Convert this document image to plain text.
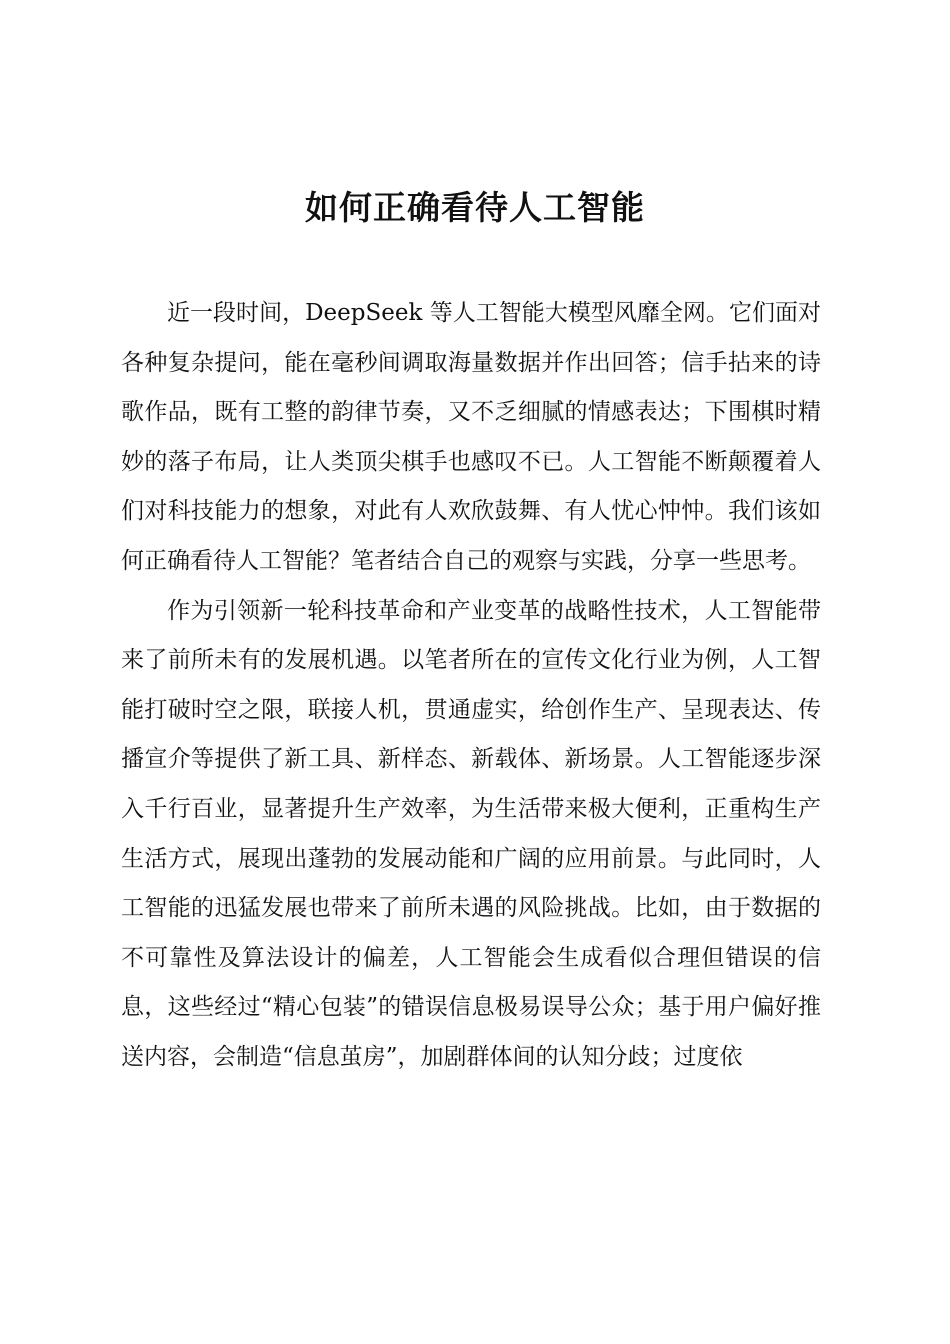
如何正确看待人工智能

近一段时间，DeepSeek 等人工智能大模型风靡全网。它们面对各种复杂提问，能在毫秒间调取海量数据并作出回答；信手拈来的诗歌作品，既有工整的韵律节奏，又不乏细腻的情感表达；下围棋时精妙的落子布局，让人类顶尖棋手也感叹不已。人工智能不断颠覆着人们对科技能力的想象，对此有人欢欣鼓舞、有人忧心忡忡。我们该如何正确看待人工智能？笔者结合自己的观察与实践，分享一些思考。

作为引领新一轮科技革命和产业变革的战略性技术，人工智能带来了前所未有的发展机遇。以笔者所在的宣传文化行业为例，人工智能打破时空之限，联接人机，贯通虚实，给创作生产、呈现表达、传播宣介等提供了新工具、新样态、新载体、新场景。人工智能逐步深入千行百业，显著提升生产效率，为生活带来极大便利，正重构生产生活方式，展现出蓬勃的发展动能和广阔的应用前景。与此同时，人工智能的迅猛发展也带来了前所未遇的风险挑战。比如，由于数据的不可靠性及算法设计的偏差，人工智能会生成看似合理但错误的信息，这些经过“精心包装”的错误信息极易误导公众；基于用户偏好推送内容，会制造“信息茧房”，加剧群体间的认知分歧；过度依
